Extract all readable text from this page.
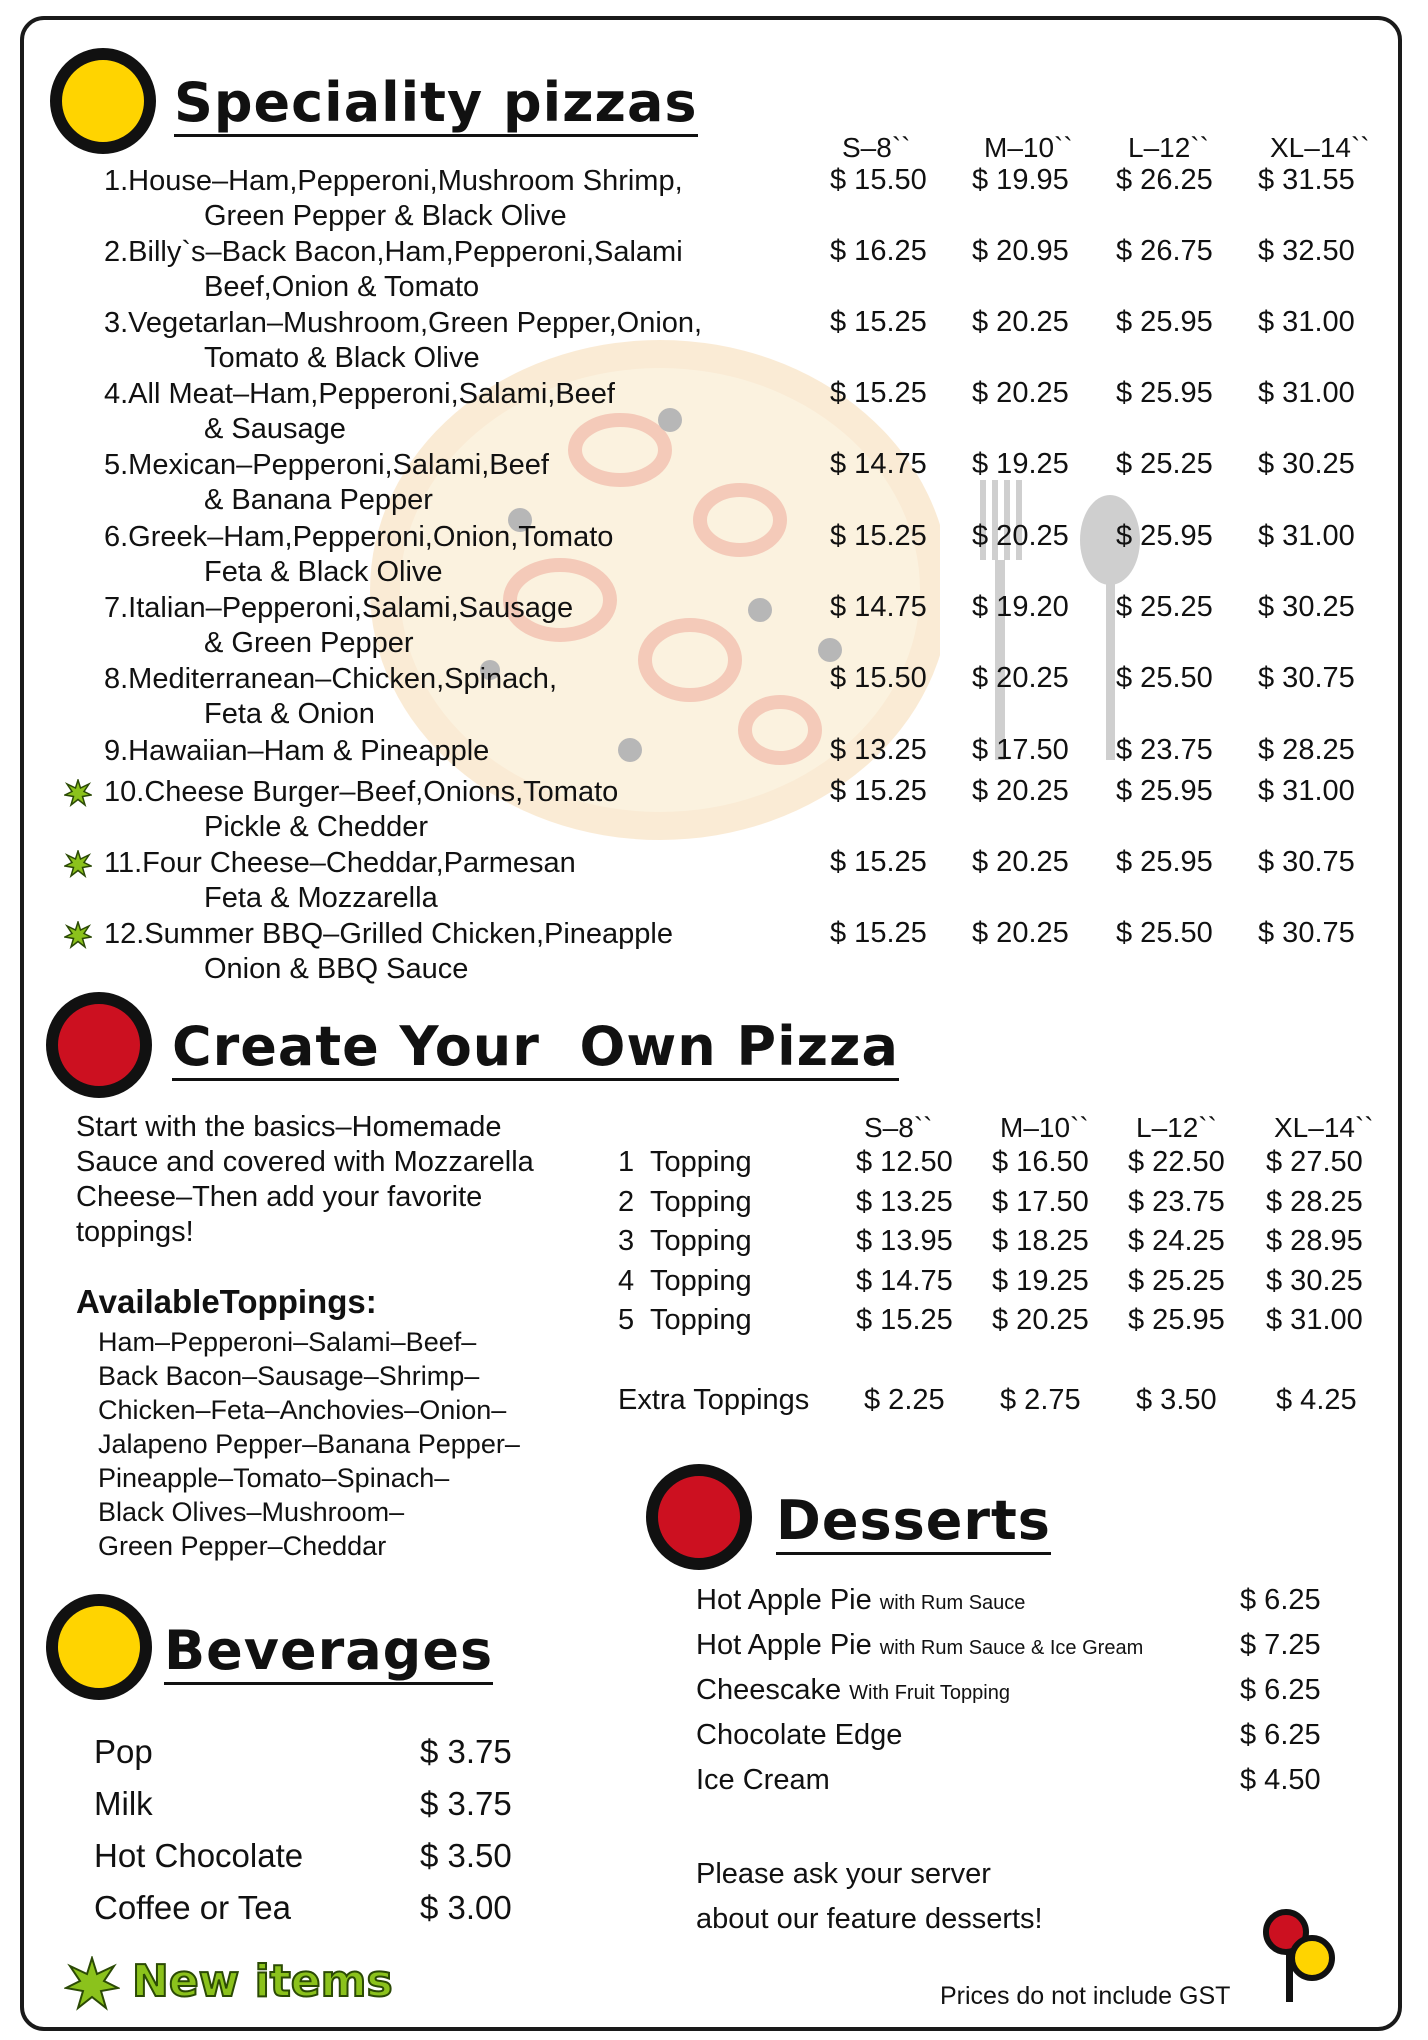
Speciality pizzas
S–8``	M–10`` L–12`` XL–14``
1.House–Ham,Pepperoni,Mushroom Shrimp,
Green Pepper & Black Olive
$ 15.50 $ 19.95 $ 26.25 $ 31.55
2.Billy`s–Back Bacon,Ham,Pepperoni,Salami
Beef,Onion & Tomato
$ 16.25 $ 20.95 $ 26.75 $ 32.50
3.Vegetarlan–Mushroom,Green Pepper,Onion,
Tomato & Black Olive
$ 15.25 $ 20.25 $ 25.95 $ 31.00
4.All Meat–Ham,Pepperoni,Salami,Beef
& Sausage
$ 15.25 $ 20.25 $ 25.95 $ 31.00
5.Mexican–Pepperoni,Salami,Beef
& Banana Pepper
$ 14.75 $ 19.25 $ 25.25 $ 30.25
6.Greek–Ham,Pepperoni,Onion,Tomato
Feta & Black Olive
$ 15.25 $ 20.25 $ 25.95 $ 31.00
7.Italian–Pepperoni,Salami,Sausage
& Green Pepper
$ 14.75 $ 19.20 $ 25.25 $ 30.25
8.Mediterranean–Chicken,Spinach,
Feta & Onion
$ 15.50 $ 20.25 $ 25.50 $ 30.75
9.Hawaiian–Ham & Pineapple	$ 13.25 $ 17.50 $ 23.75 $ 28.25
10.Cheese Burger–Beef,Onions,Tomato
Pickle & Chedder
$ 15.25 $ 20.25 $ 25.95 $ 31.00
11.Four Cheese–Cheddar,Parmesan
Feta & Mozzarella
$ 15.25 $ 20.25 $ 25.95 $ 30.75
12.Summer BBQ–Grilled Chicken,Pineapple
Onion & BBQ Sauce
$ 15.25 $ 20.25 $ 25.50 $ 30.75
Create Your  Own Pizza
Start with the basics–Homemade
Sauce and covered with Mozzarella
Cheese–Then add your favorite
toppings!
AvailableToppings:
Ham–Pepperoni–Salami–Beef–
Back Bacon–Sausage–Shrimp–
Chicken–Feta–Anchovies–Onion–
Jalapeno Pepper–Banana Pepper–
Pineapple–Tomato–Spinach–
Black Olives–Mushroom–
Green Pepper–Cheddar
S–8`` M–10`` L–12`` XL–14``
1 Topping	$ 12.50 $ 16.50 $ 22.50 $ 27.50
2 Topping	$ 13.25 $ 17.50 $ 23.75 $ 28.25
3 Topping	$ 13.95 $ 18.25 $ 24.25 $ 28.95
4 Topping	$ 14.75 $ 19.25 $ 25.25 $ 30.25
5 Topping	$ 15.25 $ 20.25 $ 25.95 $ 31.00
Extra Toppings $ 2.25 $ 2.75 $ 3.50 $ 4.25
Desserts
Hot Apple Pie with Rum Sauce	$ 6.25
Hot Apple Pie with Rum Sauce & Ice Gream	$ 7.25
Cheescake With Fruit Topping	$ 6.25
Chocolate Edge	$ 6.25
Ice Cream	$ 4.50
Please ask your server
about our feature desserts!
Beverages
Pop	$ 3.75
Milk	$ 3.75
Hot Chocolate	$ 3.50
Coffee or Tea	$ 3.00
New items	Prices do not include GST
